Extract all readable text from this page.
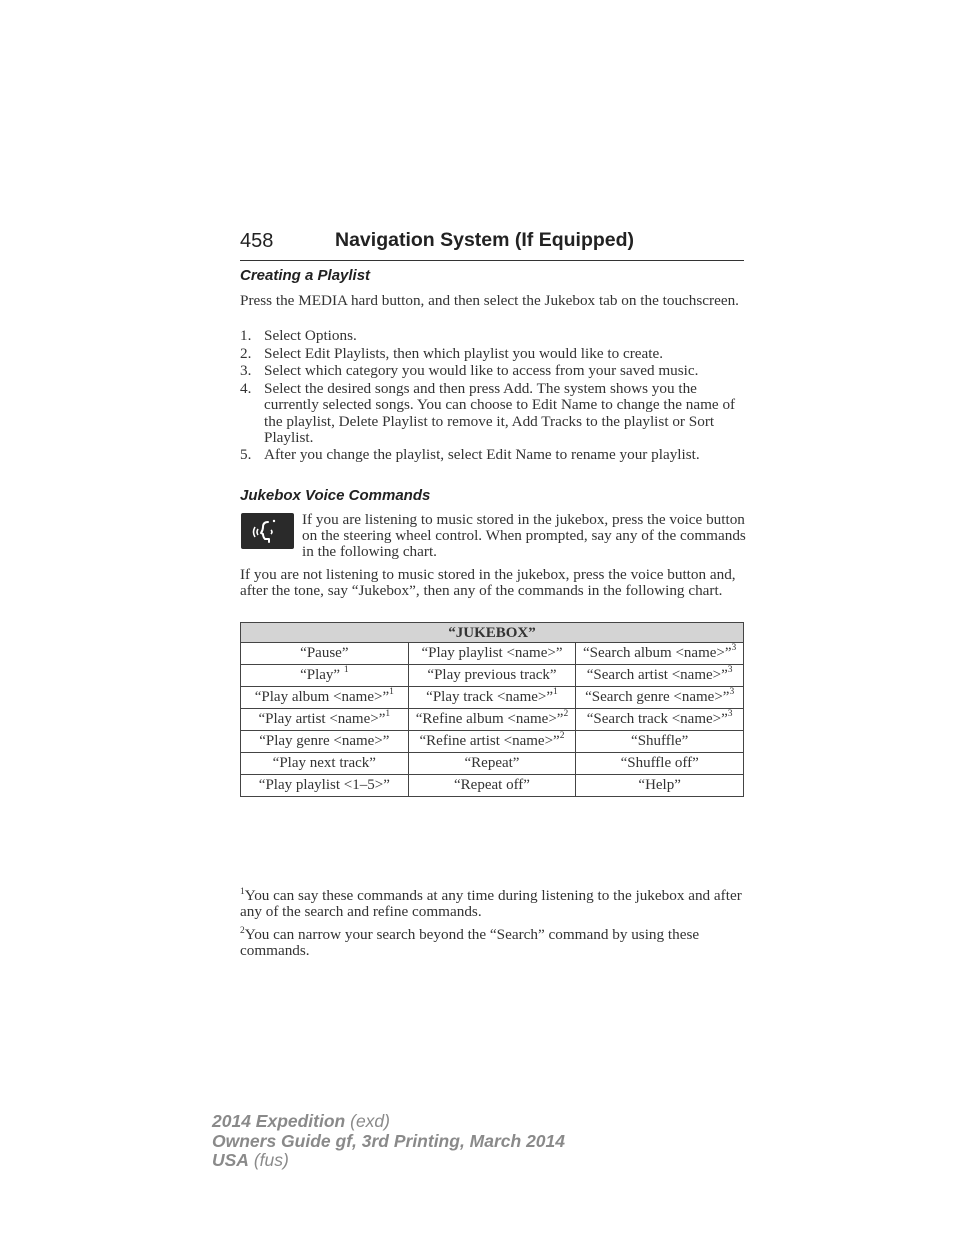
458	Navigation System (If Equipped)
Creating a Playlist
Press the MEDIA hard button, and then select the Jukebox tab on the touchscreen.
1. Select Options.
2. Select Edit Playlists, then which playlist you would like to create.
3. Select which category you would like to access from your saved music.
4. Select the desired songs and then press Add. The system shows you the currently selected songs. You can choose to Edit Name to change the name of the playlist, Delete Playlist to remove it, Add Tracks to the playlist or Sort Playlist.
5. After you change the playlist, select Edit Name to rename your playlist.
Jukebox Voice Commands
If you are listening to music stored in the jukebox, press the voice button on the steering wheel control. When prompted, say any of the commands in the following chart.
If you are not listening to music stored in the jukebox, press the voice button and, after the tone, say “Jukebox”, then any of the commands in the following chart.
“JUKEBOX”		
“Pause”	“Play playlist <name>”	“Search album <name>”$^3$
“Play” $^1$	“Play previous track”	“Search artist <name>”$^3$
“Play album <name>”$^1$	“Play track <name>”$^1$	“Search genre <name>”$^3$
“Play artist <name>”$^1$	“Refine album <name>”$^2$	“Search track <name>”$^3$
“Play genre <name>”	“Refine artist <name>”$^2$	“Shuffle”
“Play next track”	“Repeat”	“Shuffle off”
“Play playlist <1–5>”	“Repeat off”	“Help”
$^1$You can say these commands at any time during listening to the jukebox and after any of the search and refine commands.
$^2$You can narrow your search beyond the “Search” command by using these commands.
2014 Expedition (exd)
Owners Guide gf, 3rd Printing, March 2014
USA (fus)
